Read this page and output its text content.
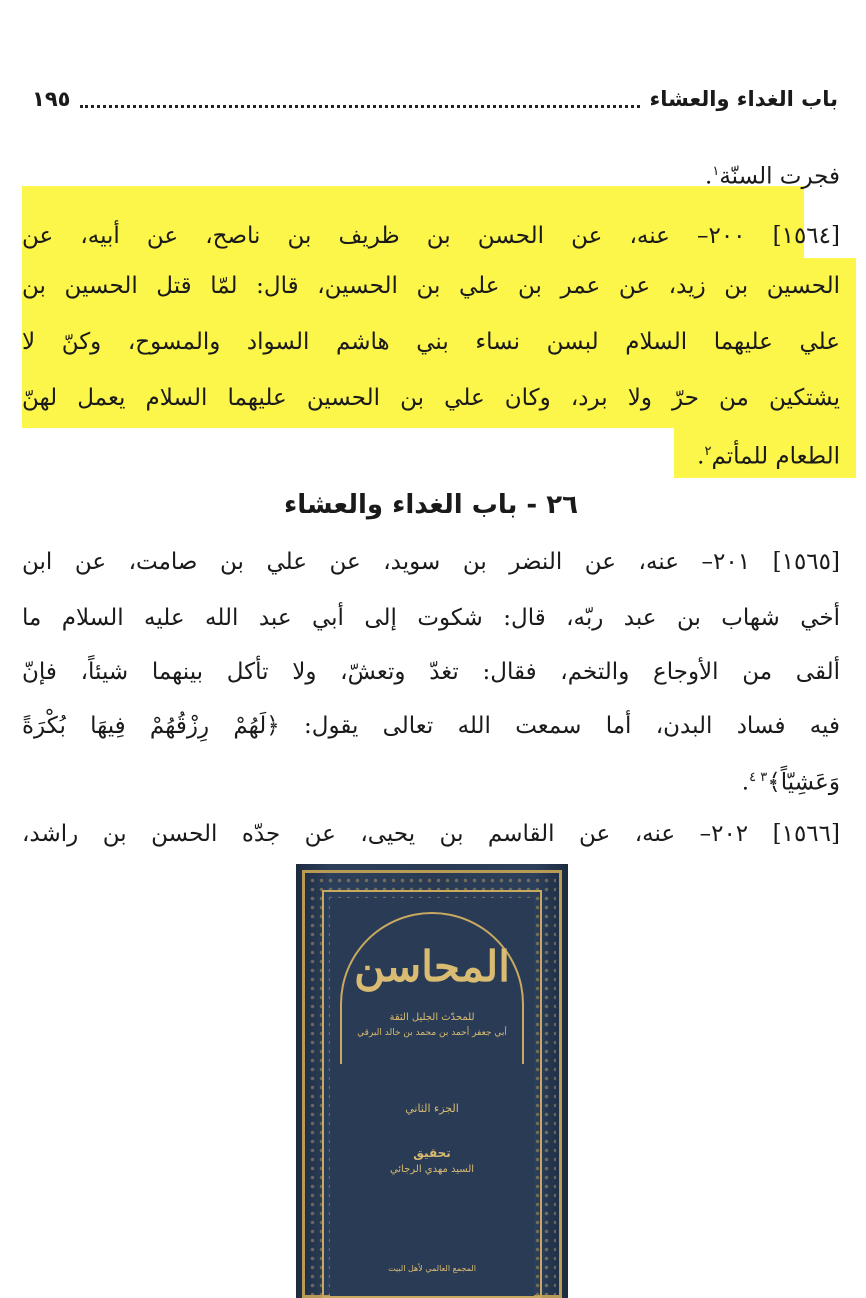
باب الغداء والعشاء
١٩٥
فجرت السنّة$^١$.
[١٥٦٤] ٢٠٠– عنه، عن الحسن بن ظريف بن ناصح، عن أبيه، عن
الحسين بن زيد، عن عمر بن علي بن الحسين، قال: لمّا قتل الحسين بن
علي عليهما السلام لبسن نساء بني هاشم السواد والمسوح، وكنّ لا
يشتكين من حرّ ولا برد، وكان علي بن الحسين عليهما السلام يعمل لهنّ
الطعام للمأتم$^٢$.
٢٦ - باب الغداء والعشاء
[١٥٦٥] ٢٠١– عنه، عن النضر بن سويد، عن علي بن صامت، عن ابن
أخي شهاب بن عبد ربّه، قال: شكوت إلى أبي عبد الله عليه السلام ما
ألقى من الأوجاع والتخم، فقال: تغدّ وتعشّ، ولا تأكل بينهما شيئاً، فإنّ
فيه فساد البدن، أما سمعت الله تعالى يقول: ﴿لَهُمْ رِزْقُهُمْ فِيهَا بُكْرَةً
وَعَشِيّاً﴾$^{٣ ٤}$.
[١٥٦٦] ٢٠٢– عنه، عن القاسم بن يحيى، عن جدّه الحسن بن راشد،
المحاسن
للمحدّث الجليل الثقة
أبي جعفر أحمد بن محمد بن خالد البرقي
الجزء الثاني
تحقيق
السيد مهدي الرجائي
المجمع العالمي لأهل البيت
